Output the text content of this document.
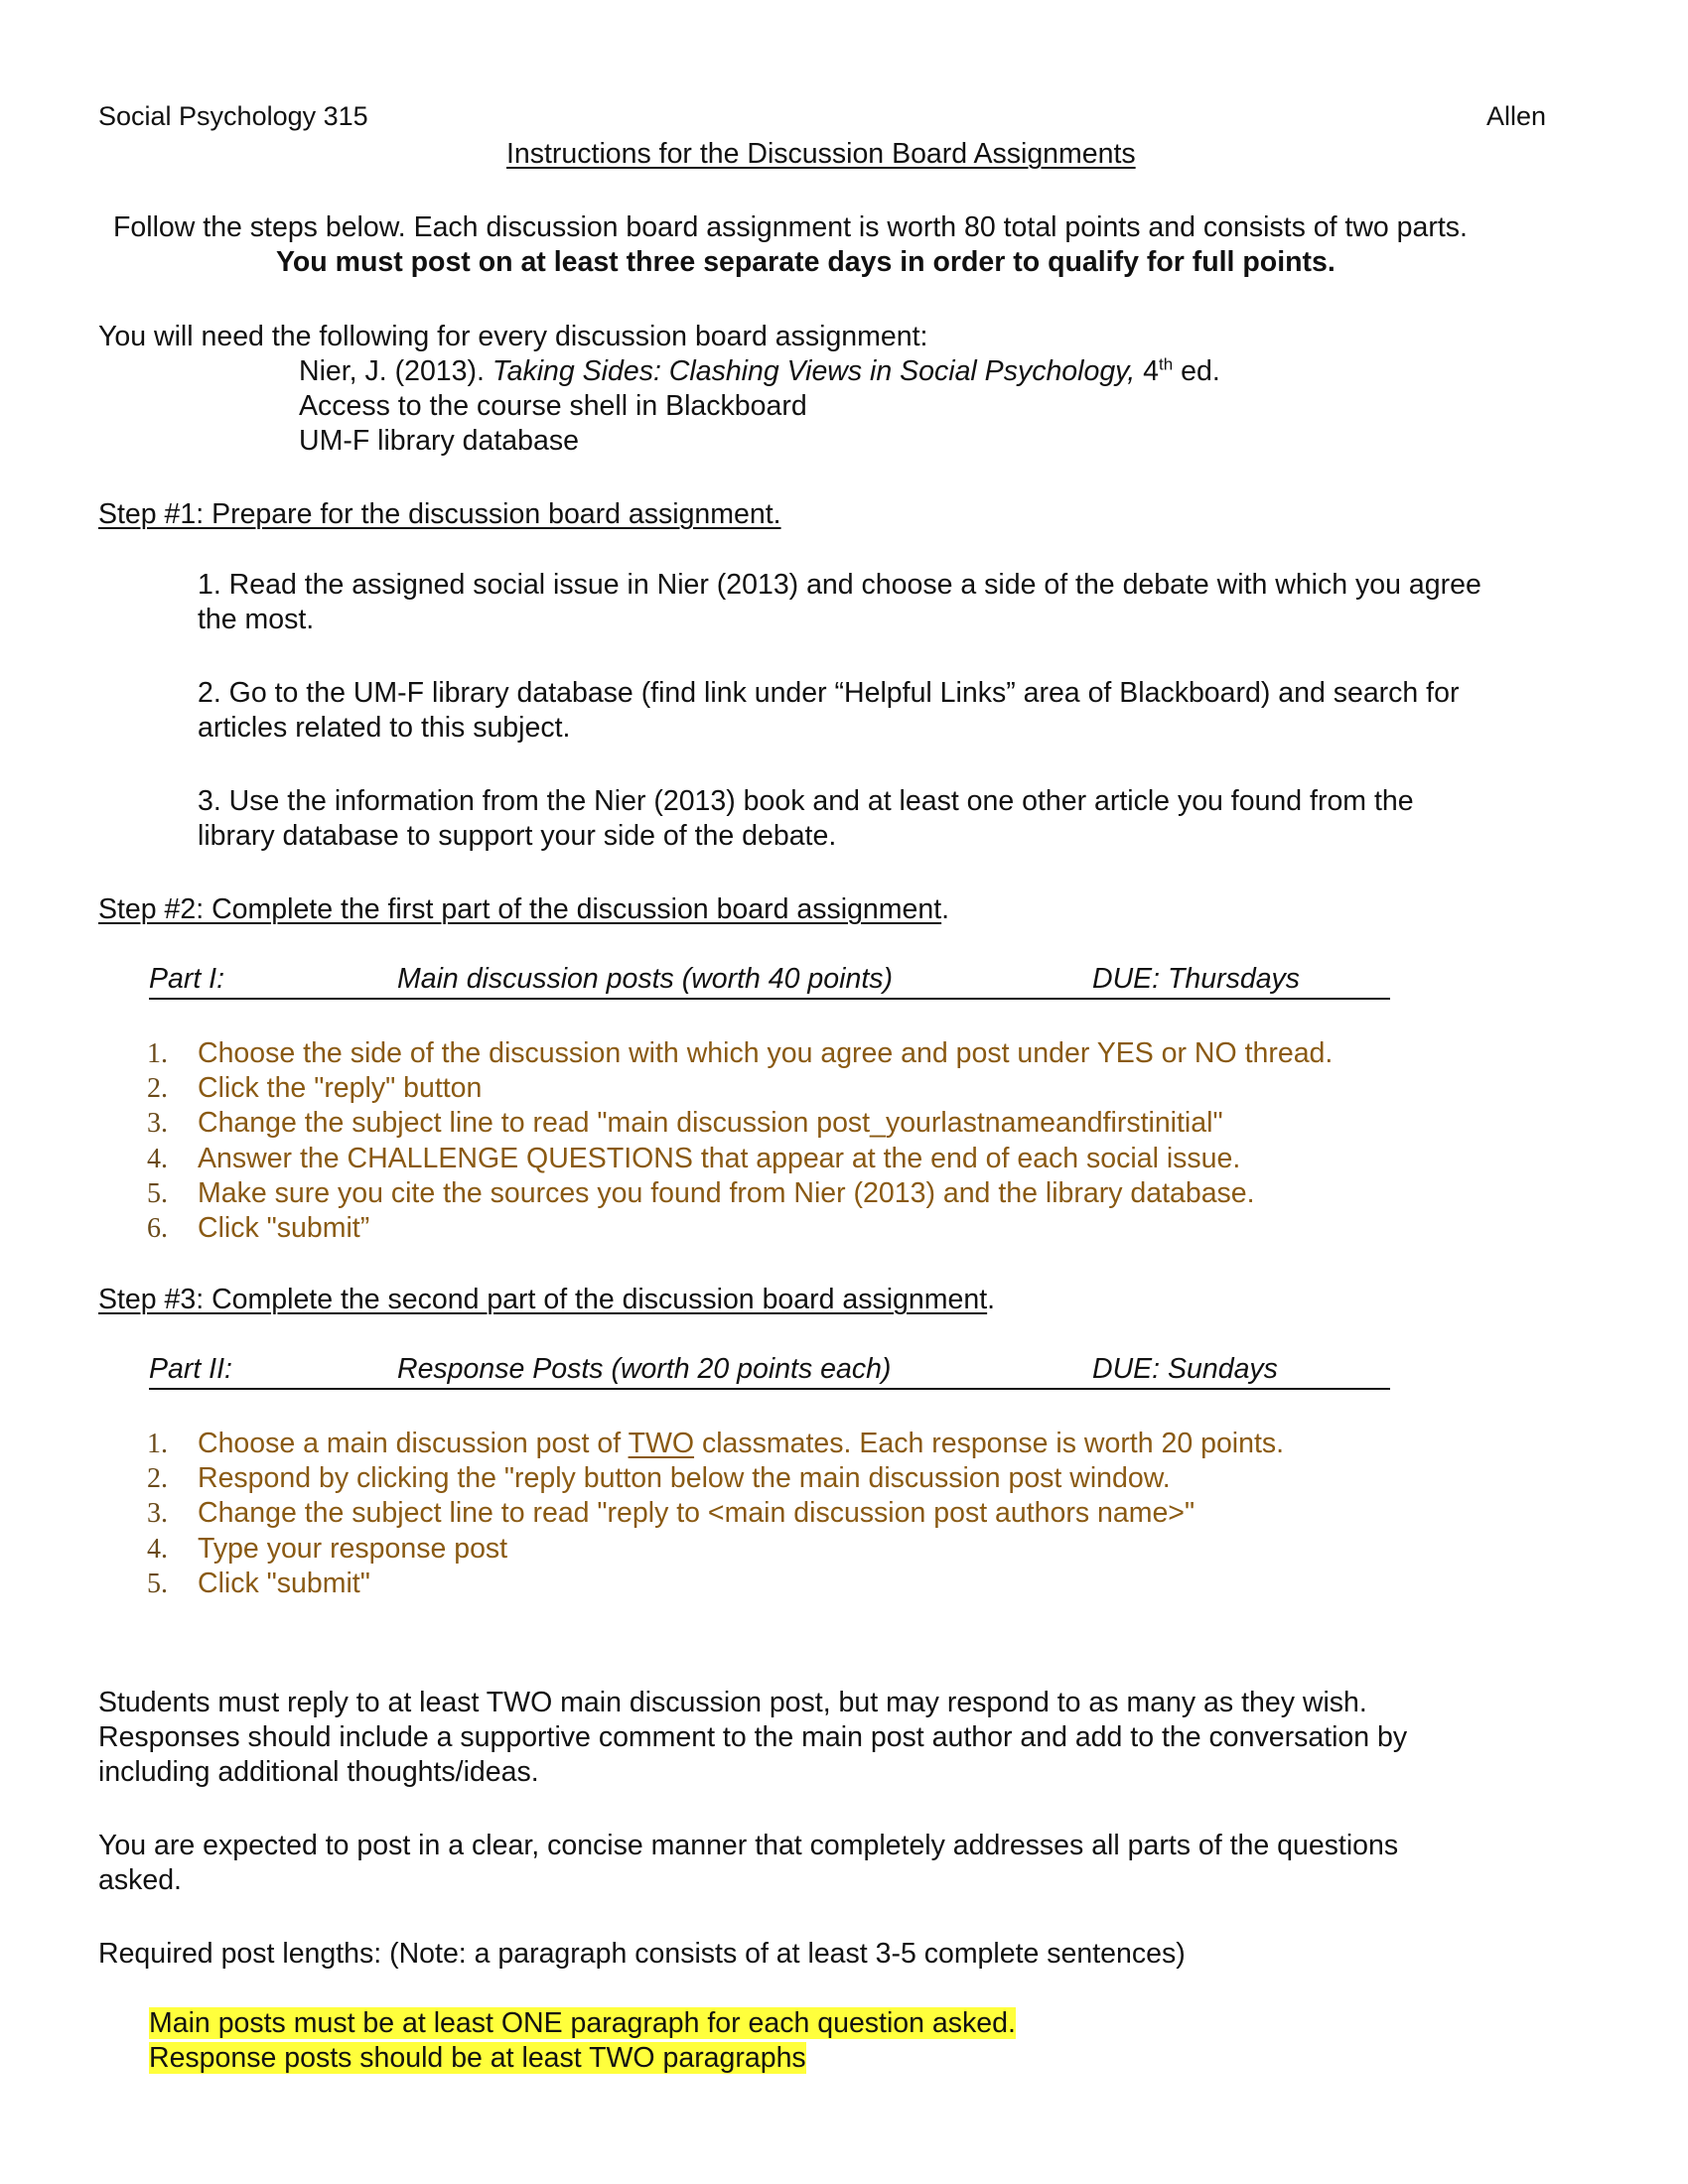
Social Psychology 315	Allen
Instructions for the Discussion Board Assignments
Follow the steps below. Each discussion board assignment is worth 80 total points and consists of two parts.
You must post on at least three separate days in order to qualify for full points.
You will need the following for every discussion board assignment:
Nier, J. (2013). Taking Sides: Clashing Views in Social Psychology, 4th ed.
Access to the course shell in Blackboard
UM-F library database
Step #1: Prepare for the discussion board assignment.
1. Read the assigned social issue in Nier (2013) and choose a side of the debate with which you agree
the most.
2. Go to the UM-F library database (find link under “Helpful Links” area of Blackboard) and search for
articles related to this subject.
3. Use the information from the Nier (2013) book and at least one other article you found from the
library database to support your side of the debate.
Step #2: Complete the first part of the discussion board assignment.
Part I:	Main discussion posts (worth 40 points)	DUE: Thursdays
1. Choose the side of the discussion with which you agree and post under YES or NO thread.
2. Click the "reply" button
3. Change the subject line to read "main discussion post_yourlastnameandfirstinitial"
4. Answer the CHALLENGE QUESTIONS that appear at the end of each social issue.
5. Make sure you cite the sources you found from Nier (2013) and the library database.
6. Click "submit”
Step #3: Complete the second part of the discussion board assignment.
Part II:	Response Posts (worth 20 points each)	DUE: Sundays
1. Choose a main discussion post of TWO classmates. Each response is worth 20 points.
2. Respond by clicking the "reply button below the main discussion post window.
3. Change the subject line to read "reply to <main discussion post authors name>"
4. Type your response post
5. Click "submit"
Students must reply to at least TWO main discussion post, but may respond to as many as they wish.
Responses should include a supportive comment to the main post author and add to the conversation by
including additional thoughts/ideas.
You are expected to post in a clear, concise manner that completely addresses all parts of the questions
asked.
Required post lengths: (Note: a paragraph consists of at least 3-5 complete sentences)
Main posts must be at least ONE paragraph for each question asked.
Response posts should be at least TWO paragraphs
